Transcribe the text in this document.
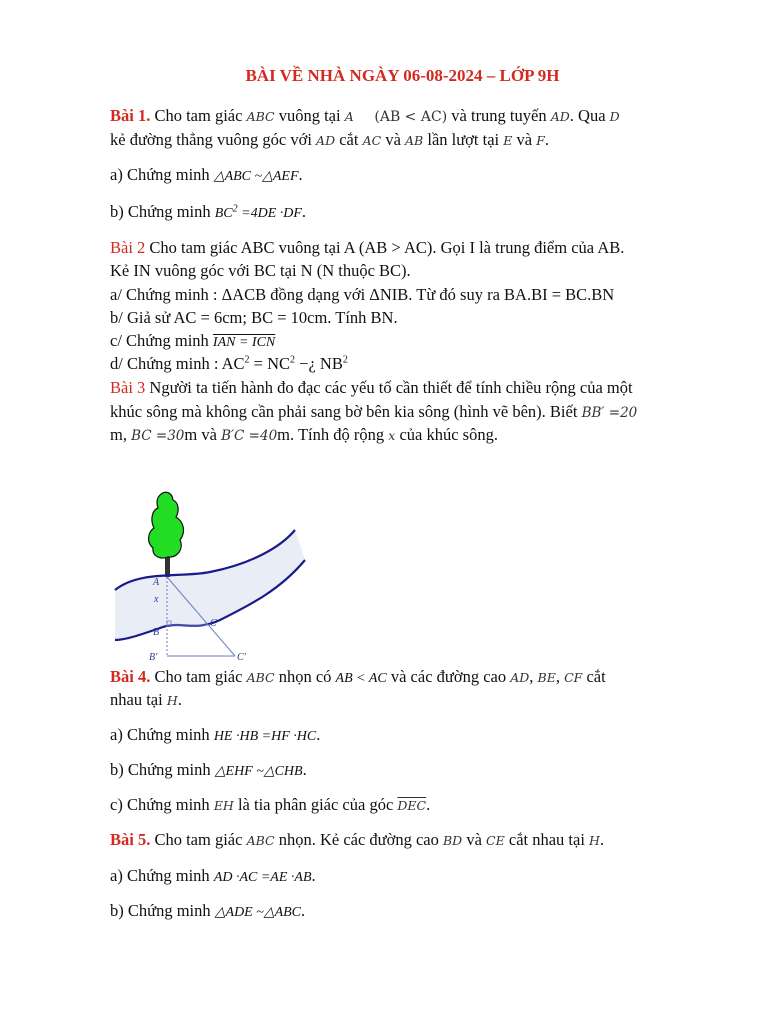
BÀI VỀ NHÀ NGÀY 06-08-2024 – LỚP 9H
Bài 1. Cho tam giác ABC vuông tại A (AB < AC) và trung tuyến AD. Qua D
kẻ đường thẳng vuông góc với AD cắt AC và AB lần lượt tại E và F.
a) Chứng minh △ABC ~△AEF.
b) Chứng minh $BC^2 =4DE \cdot DF$.
Bài 2 Cho tam giác ABC vuông tại A (AB > AC). Gọi I là trung điểm của AB.
Kẻ IN vuông góc với BC tại N (N thuộc BC).
a/ Chứng minh : ΔACB đồng dạng với ΔNIB. Từ đó suy ra BA.BI = BC.BN
b/ Giả sử AC = 6cm; BC = 10cm. Tính BN.
c/ Chứng minh IAN = ICN
d/ Chứng minh : $AC^2 = NC^2$ −¿ $NB^2$
Bài 3 Người ta tiến hành đo đạc các yếu tố cần thiết để tính chiều rộng của một
khúc sông mà không cần phải sang bờ bên kia sông (hình vẽ bên). Biết BB′ =20
m, BC =30m và B′C =40m. Tính độ rộng x của khúc sông.
A
x
C
B
B′	C′
Bài 4. Cho tam giác ABC nhọn có AB < AC và các đường cao AD, BE, CF cắt
nhau tại H.
a) Chứng minh HE ·HB =HF ·HC.
b) Chứng minh △EHF ~△CHB.
c) Chứng minh EH là tia phân giác của góc $\overline{DEC}$.
Bài 5. Cho tam giác ABC nhọn. Kẻ các đường cao BD và CE cắt nhau tại H.
a) Chứng minh AD ·AC =AE ·AB.
b) Chứng minh △ADE ~△ABC.
